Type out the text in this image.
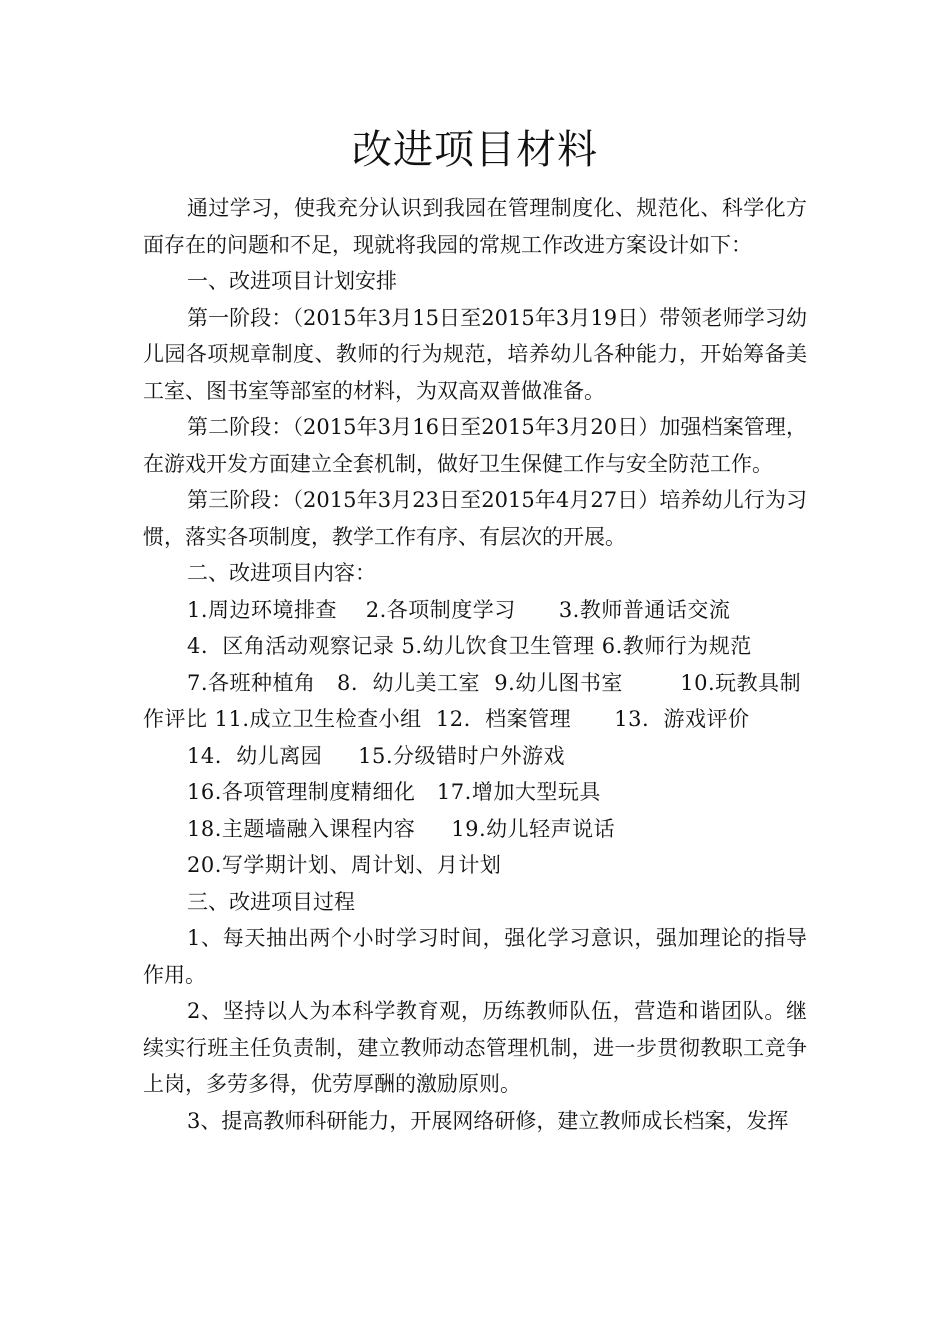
改进项目材料

通过学习，使我充分认识到我园在管理制度化、规范化、科学化方面存在的问题和不足，现就将我园的常规工作改进方案设计如下：

一、改进项目计划安排

第一阶段：（2015年3月15日至2015年3月19日）带领老师学习幼儿园各项规章制度、教师的行为规范，培养幼儿各种能力，开始筹备美工室、图书室等部室的材料，为双高双普做准备。

第二阶段：（2015年3月16日至2015年3月20日）加强档案管理，在游戏开发方面建立全套机制，做好卫生保健工作与安全防范工作。

第三阶段：（2015年3月23日至2015年4月27日）培养幼儿行为习惯，落实各项制度，教学工作有序、有层次的开展。

二、改进项目内容：

1.周边环境排查    2.各项制度学习      3.教师普通话交流
4.  区角活动观察记录 5.幼儿饮食卫生管理 6.教师行为规范
7.各班种植角   8.  幼儿美工室  9.幼儿图书室        10.玩教具制作评比 11.成立卫生检查小组  12.  档案管理      13.  游戏评价
14.  幼儿离园     15.分级错时户外游戏
16.各项管理制度精细化   17.增加大型玩具
18.主题墙融入课程内容     19.幼儿轻声说话
20.写学期计划、周计划、月计划

三、改进项目过程

1、每天抽出两个小时学习时间，强化学习意识，强加理论的指导作用。

2、坚持以人为本科学教育观，历练教师队伍，营造和谐团队。继续实行班主任负责制，建立教师动态管理机制，进一步贯彻教职工竞争上岗，多劳多得，优劳厚酬的激励原则。

3、提高教师科研能力，开展网络研修，建立教师成长档案，发挥
